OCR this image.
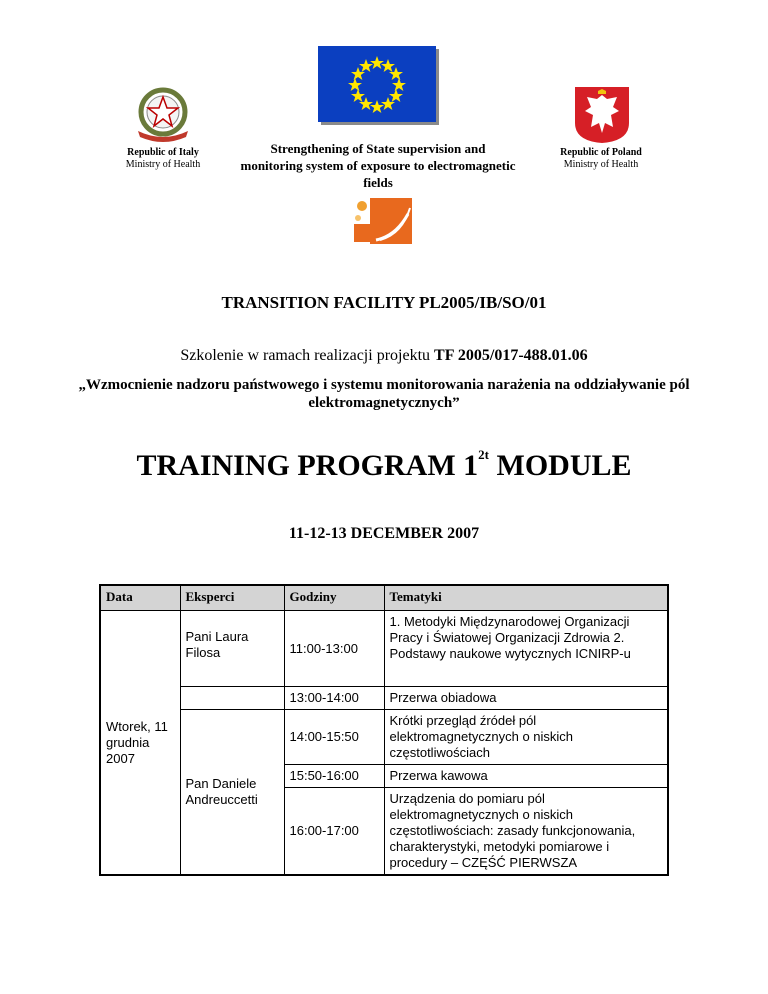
Republic of Italy
Ministry of Health
Strengthening of State supervision and monitoring system of exposure to electromagnetic fields
Republic of Poland
Ministry of Health
TRANSITION FACILITY PL2005/IB/SO/01
Szkolenie w ramach realizacji projektu TF 2005/017-488.01.06
„Wzmocnienie nadzoru państwowego i systemu monitorowania narażenia na oddziaływanie pól elektromagnetycznych”
TRAINING PROGRAM $1^{2t}$ MODULE
11-12-13 DECEMBER 2007
Data	Eksperci	Godziny	Tematyki
Wtorek, 11 grudnia 2007	Pani Laura Filosa	11:00-13:00	1. Metodyki Międzynarodowej Organizacji Pracy i Światowej Organizacji Zdrowia 2. Podstawy naukowe wytycznych ICNIRP-u
		13:00-14:00	Przerwa obiadowa
	Pan Daniele Andreuccetti	14:00-15:50	Krótki przegląd źródeł pól elektromagnetycznych o niskich częstotliwościach
		15:50-16:00	Przerwa kawowa
		16:00-17:00	Urządzenia do pomiaru pól elektromagnetycznych o niskich częstotliwościach: zasady funkcjonowania, charakterystyki, metodyki pomiarowe i procedury – CZĘŚĆ PIERWSZA
